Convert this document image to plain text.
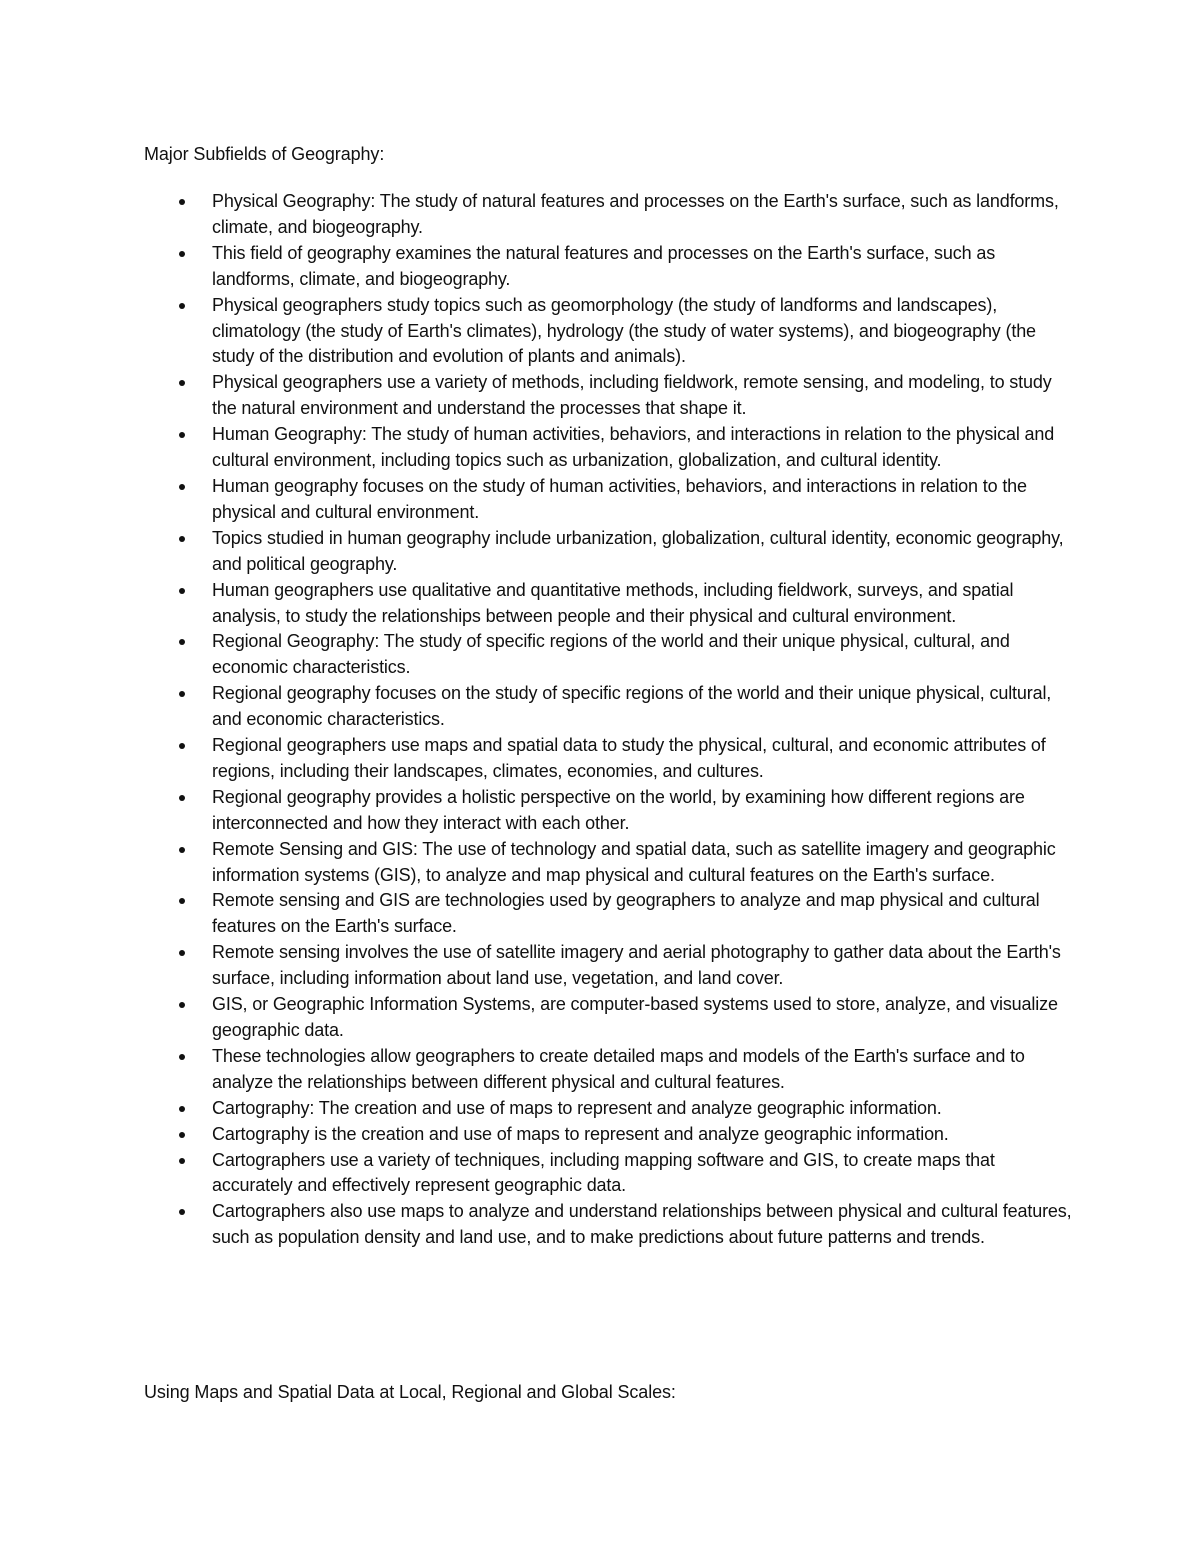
Major Subfields of Geography:
Physical Geography: The study of natural features and processes on the Earth's surface, such as landforms, climate, and biogeography.
This field of geography examines the natural features and processes on the Earth's surface, such as landforms, climate, and biogeography.
Physical geographers study topics such as geomorphology (the study of landforms and landscapes), climatology (the study of Earth's climates), hydrology (the study of water systems), and biogeography (the study of the distribution and evolution of plants and animals).
Physical geographers use a variety of methods, including fieldwork, remote sensing, and modeling, to study the natural environment and understand the processes that shape it.
Human Geography: The study of human activities, behaviors, and interactions in relation to the physical and cultural environment, including topics such as urbanization, globalization, and cultural identity.
Human geography focuses on the study of human activities, behaviors, and interactions in relation to the physical and cultural environment.
Topics studied in human geography include urbanization, globalization, cultural identity, economic geography, and political geography.
Human geographers use qualitative and quantitative methods, including fieldwork, surveys, and spatial analysis, to study the relationships between people and their physical and cultural environment.
Regional Geography: The study of specific regions of the world and their unique physical, cultural, and economic characteristics.
Regional geography focuses on the study of specific regions of the world and their unique physical, cultural, and economic characteristics.
Regional geographers use maps and spatial data to study the physical, cultural, and economic attributes of regions, including their landscapes, climates, economies, and cultures.
Regional geography provides a holistic perspective on the world, by examining how different regions are interconnected and how they interact with each other.
Remote Sensing and GIS: The use of technology and spatial data, such as satellite imagery and geographic information systems (GIS), to analyze and map physical and cultural features on the Earth's surface.
Remote sensing and GIS are technologies used by geographers to analyze and map physical and cultural features on the Earth's surface.
Remote sensing involves the use of satellite imagery and aerial photography to gather data about the Earth's surface, including information about land use, vegetation, and land cover.
GIS, or Geographic Information Systems, are computer-based systems used to store, analyze, and visualize geographic data.
These technologies allow geographers to create detailed maps and models of the Earth's surface and to analyze the relationships between different physical and cultural features.
Cartography: The creation and use of maps to represent and analyze geographic information.
Cartography is the creation and use of maps to represent and analyze geographic information.
Cartographers use a variety of techniques, including mapping software and GIS, to create maps that accurately and effectively represent geographic data.
Cartographers also use maps to analyze and understand relationships between physical and cultural features, such as population density and land use, and to make predictions about future patterns and trends.
Using Maps and Spatial Data at Local, Regional and Global Scales:
